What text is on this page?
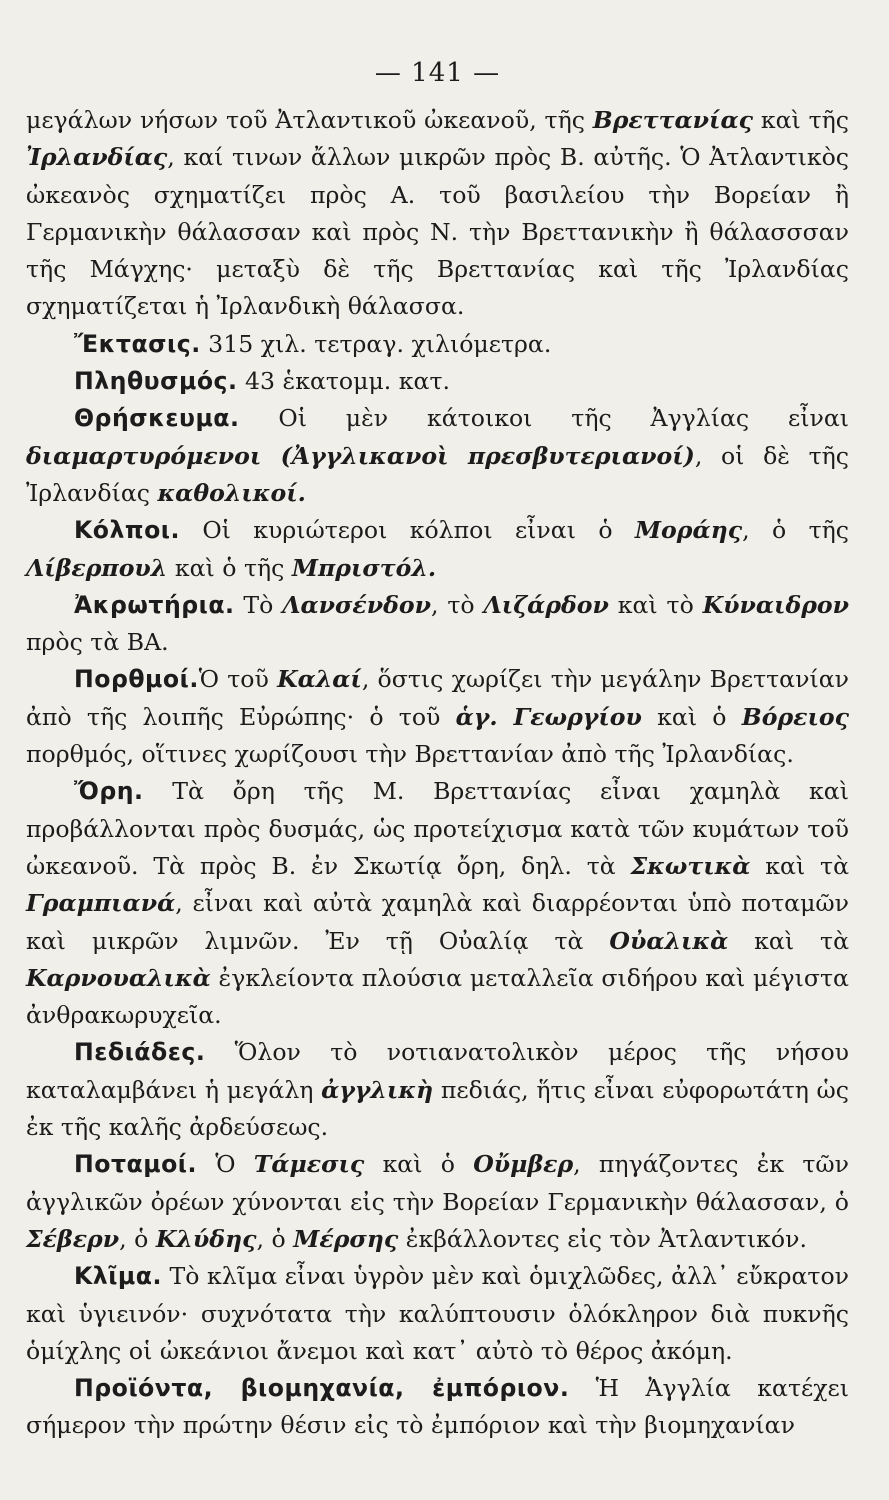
— 141 —

μεγάλων νήσων τοῦ Ἀτλαντικοῦ ὠκεανοῦ, τῆς Βρεττανίας καὶ τῆς Ἰρλανδίας, καί τινων ἄλλων μικρῶν πρὸς Β. αὐτῆς. Ὁ Ἀτλαντικὸς ὠκεανὸς σχηματίζει πρὸς Α. τοῦ βασιλείου τὴν Βορείαν ἢ Γερμανικὴν θάλασσαν καὶ πρὸς Ν. τὴν Βρεττανικὴν ἢ θάλασσσαν τῆς Μάγχης· μεταξὺ δὲ τῆς Βρεττανίας καὶ τῆς Ἰρλανδίας σχηματίζεται ἡ Ἰρλανδικὴ θάλασσα.

Ἔκτασις. 315 χιλ. τετραγ. χιλιόμετρα.

Πληθυσμός. 43 ἑκατομμ. κατ.

Θρήσκευμα. Οἱ μὲν κάτοικοι τῆς Ἀγγλίας εἶναι διαμαρτυρόμενοι (Ἀγγλικανοὶ πρεσβυτεριανοί), οἱ δὲ τῆς Ἰρλανδίας καθολικοί.

Κόλποι. Οἱ κυριώτεροι κόλποι εἶναι ὁ Μοράης, ὁ τῆς Λίβερπουλ καὶ ὁ τῆς Μπριστόλ.

Ἀκρωτήρια. Τὸ Λανσένδον, τὸ Λιζάρδον καὶ τὸ Κύναιδρον πρὸς τὰ ΒΑ.

Πορθμοί.Ὁ τοῦ Καλαί, ὅστις χωρίζει τὴν μεγάλην Βρεττανίαν ἀπὸ τῆς λοιπῆς Εὐρώπης· ὁ τοῦ ἁγ. Γεωργίου καὶ ὁ Βόρειος πορθμός, οἵτινες χωρίζουσι τὴν Βρεττανίαν ἀπὸ τῆς Ἰρλανδίας.

Ὄρη. Τὰ ὄρη τῆς Μ. Βρεττανίας εἶναι χαμηλὰ καὶ προβάλλονται πρὸς δυσμάς, ὡς προτείχισμα κατὰ τῶν κυμάτων τοῦ ὠκεανοῦ. Τὰ πρὸς Β. ἐν Σκωτίᾳ ὄρη, δηλ. τὰ Σκωτικὰ καὶ τὰ Γραμπιανά, εἶναι καὶ αὐτὰ χαμηλὰ καὶ διαρρέονται ὑπὸ ποταμῶν καὶ μικρῶν λιμνῶν. Ἐν τῇ Οὐαλίᾳ τὰ Οὐαλικὰ καὶ τὰ Καρνουαλικὰ ἐγκλείοντα πλούσια μεταλλεῖα σιδήρου καὶ μέγιστα ἀνθρακωρυχεῖα.

Πεδιάδες. Ὅλον τὸ νοτιανατολικὸν μέρος τῆς νήσου καταλαμβάνει ἡ μεγάλη ἀγγλικὴ πεδιάς, ἥτις εἶναι εὐφορωτάτη ὡς ἐκ τῆς καλῆς ἀρδεύσεως.

Ποταμοί. Ὁ Τάμεσις καὶ ὁ Οὔμβερ, πηγάζοντες ἐκ τῶν ἀγγλικῶν ὀρέων χύνονται εἰς τὴν Βορείαν Γερμανικὴν θάλασσαν, ὁ Σέβερν, ὁ Κλύδης, ὁ Μέρσης ἐκβάλλοντες εἰς τὸν Ἀτλαντικόν.

Κλῖμα. Τὸ κλῖμα εἶναι ὑγρὸν μὲν καὶ ὁμιχλῶδες, ἀλλ᾽ εὔκρατον καὶ ὑγιεινόν· συχνότατα τὴν καλύπτουσιν ὁλόκληρον διὰ πυκνῆς ὁμίχλης οἱ ὠκεάνιοι ἄνεμοι καὶ κατ᾽ αὐτὸ τὸ θέρος ἀκόμη.

Προϊόντα, βιομηχανία, ἐμπόριον. Ἡ Ἀγγλία κατέχει σήμερον τὴν πρώτην θέσιν εἰς τὸ ἐμπόριον καὶ τὴν βιομηχανίαν
